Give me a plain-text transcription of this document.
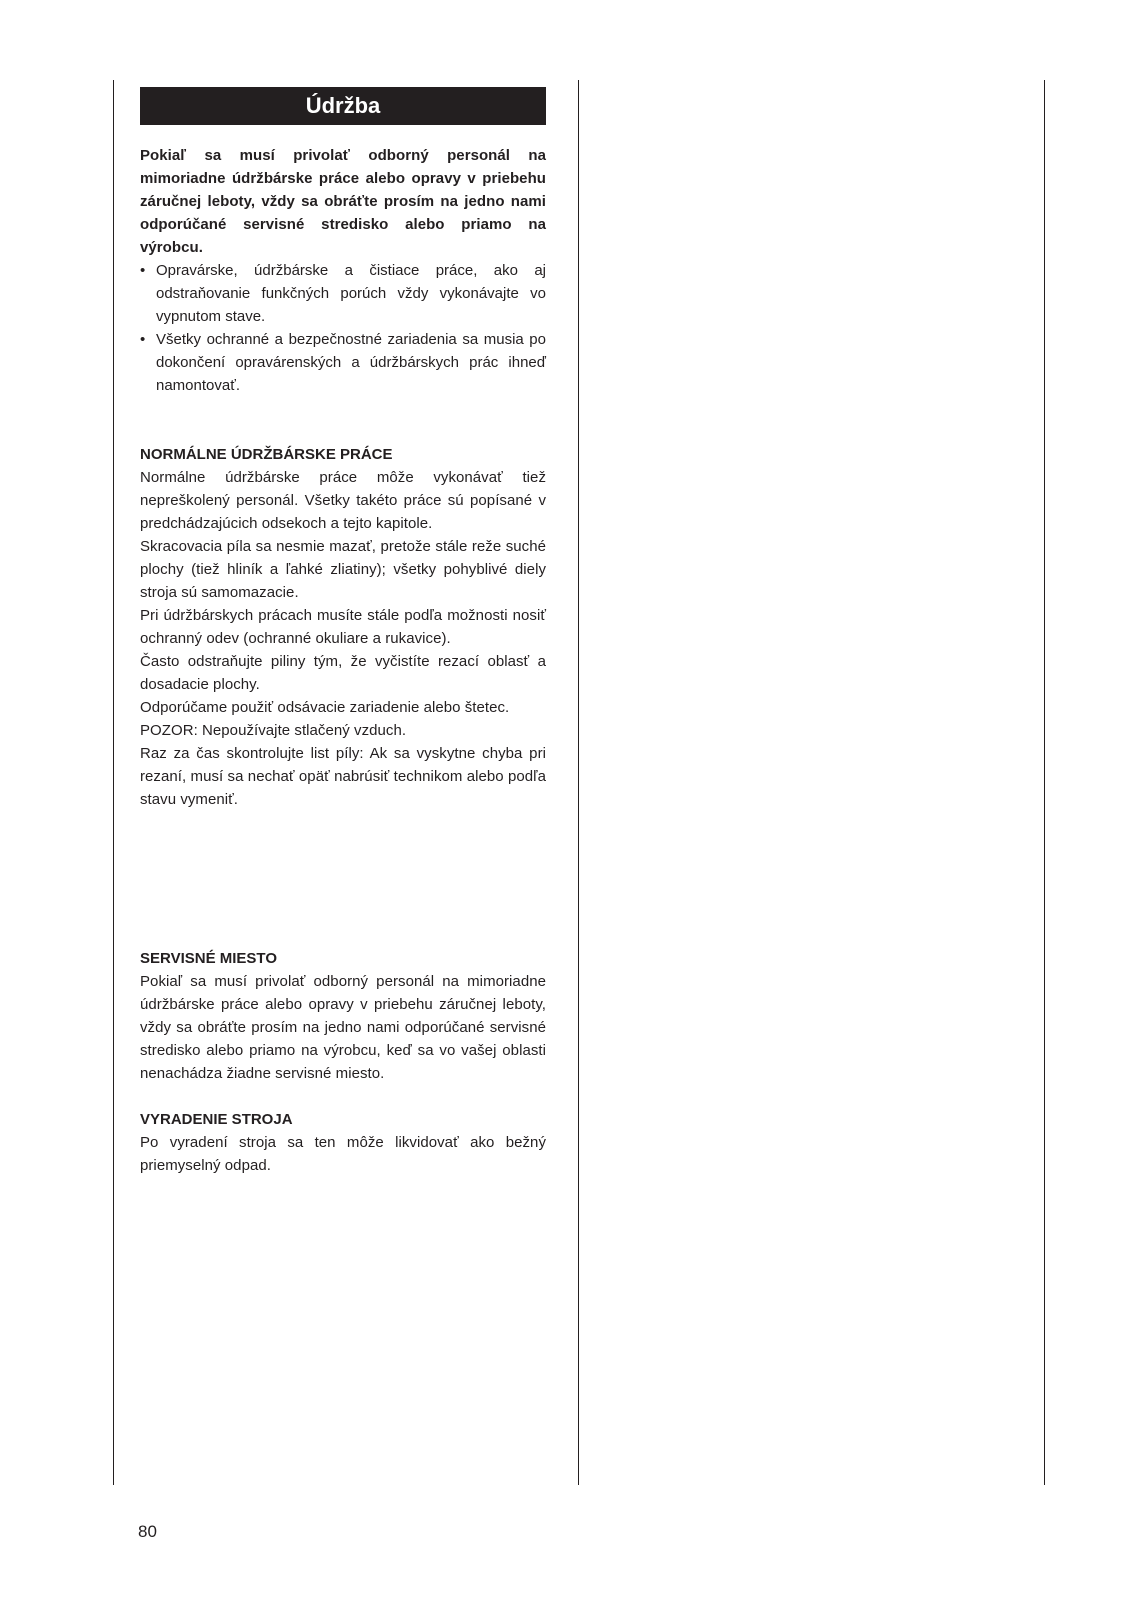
Údržba

Pokiaľ sa musí privolať odborný personál na mimoriadne údržbárske práce alebo opravy v priebehu záručnej leboty, vždy sa obráťte prosím na jedno nami odporúčané servisné stredisko alebo priamo na výrobcu.

• Opravárske, údržbárske a čistiace práce, ako aj odstraňovanie funkčných porúch vždy vykonávajte vo vypnutom stave.
• Všetky ochranné a bezpečnostné zariadenia sa musia po dokončení opravárenských a údržbárskych prác ihneď namontovať.

NORMÁLNE ÚDRŽBÁRSKE PRÁCE

Normálne údržbárske práce môže vykonávať tiež nepreškolený personál. Všetky takéto práce sú popísané v predchádzajúcich odsekoch a tejto kapitole.

Skracovacia píla sa nesmie mazať, pretože stále reže suché plochy (tiež hliník a ľahké zliatiny); všetky pohyblivé diely stroja sú samomazacie.

Pri údržbárskych prácach musíte stále podľa možnosti nosiť ochranný odev (ochranné okuliare a rukavice).

Často odstraňujte piliny tým, že vyčistíte rezací oblasť a dosadacie plochy.

Odporúčame použiť odsávacie zariadenie alebo štetec.

POZOR: Nepoužívajte stlačený vzduch.

Raz za čas skontrolujte list píly: Ak sa vyskytne chyba pri rezaní, musí sa nechať opäť nabrúsiť technikom alebo podľa stavu vymeniť.

SERVISNÉ MIESTO

Pokiaľ sa musí privolať odborný personál na mimoriadne údržbárske práce alebo opravy v priebehu záručnej leboty, vždy sa obráťte prosím na jedno nami odporúčané servisné stredisko alebo priamo na výrobcu, keď sa vo vašej oblasti nenachádza žiadne servisné miesto.

VYRADENIE STROJA

Po vyradení stroja sa ten môže likvidovať ako bežný priemyselný odpad.

80
